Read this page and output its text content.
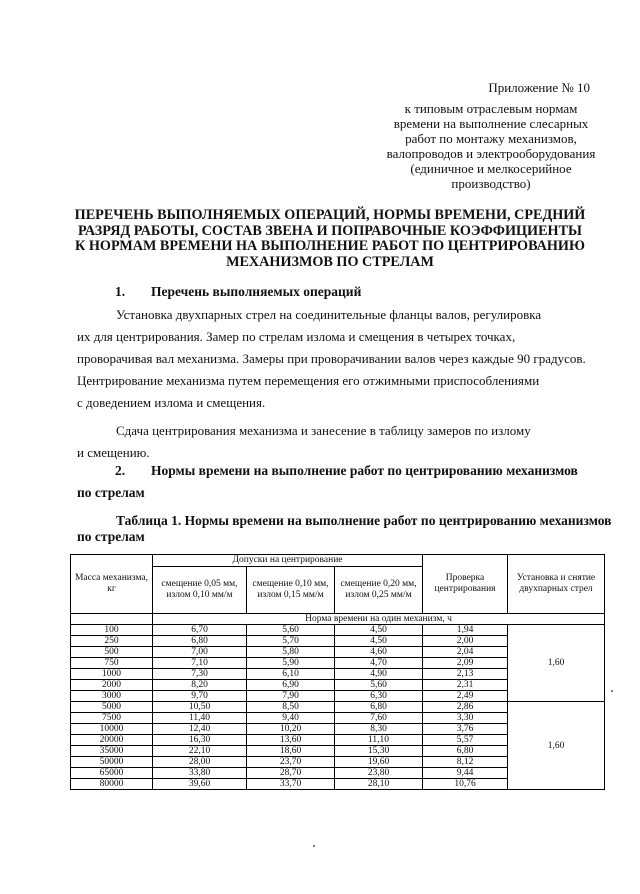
Приложение № 10
к типовым отраслевым нормам
времени на выполнение слесарных
работ по монтажу механизмов,
валопроводов и электрооборудования
(единичное и мелкосерийное
производство)
ПЕРЕЧЕНЬ ВЫПОЛНЯЕМЫХ ОПЕРАЦИЙ, НОРМЫ ВРЕМЕНИ, СРЕДНИЙ
РАЗРЯД РАБОТЫ, СОСТАВ ЗВЕНА И ПОПРАВОЧНЫЕ КОЭФФИЦИЕНТЫ
К НОРМАМ ВРЕМЕНИ НА ВЫПОЛНЕНИЕ РАБОТ ПО ЦЕНТРИРОВАНИЮ
МЕХАНИЗМОВ ПО СТРЕЛАМ
1. Перечень выполняемых операций
Установка двухпарных стрел на соединительные фланцы валов, регулировка
их для центрирования. Замер по стрелам излома и смещения в четырех точках,
проворачивая вал механизма. Замеры при проворачивании валов через каждые 90 градусов.
Центрирование механизма путем перемещения его отжимными приспособлениями
с доведением излома и смещения.
Сдача центрирования механизма и занесение в таблицу замеров по излому
и смещению.
2. Нормы времени на выполнение работ по центрированию механизмов
по стрелам
Таблица 1. Нормы времени на выполнение работ по центрированию механизмов
по стрелам
Масса механизма, кг	Допуски на центрирование			Проверка центрирования	Установка и снятие двухпарных стрел
	смещение 0,05 мм, излом 0,10 мм/м	смещение 0,10 мм, излом 0,15 мм/м	смещение 0,20 мм, излом 0,25 мм/м		
	Норма времени на один механизм, ч				
100	6,70	5,60	4,50	1,94	1,60
250	6,80	5,70	4,50	2,00	
500	7,00	5,80	4,60	2,04	
750	7,10	5,90	4,70	2,09	
1000	7,30	6,10	4,90	2,13	
2000	8,20	6,90	5,60	2,31	
3000	9,70	7,90	6,30	2,49	
5000	10,50	8,50	6,80	2,86	1,60
7500	11,40	9,40	7,60	3,30	
10000	12,40	10,20	8,30	3,76	
20000	16,30	13,60	11,10	5,57	
35000	22,10	18,60	15,30	6,80	
50000	28,00	23,70	19,60	8,12	
65000	33,80	28,70	23,80	9,44	
80000	39,60	33,70	28,10	10,76	
